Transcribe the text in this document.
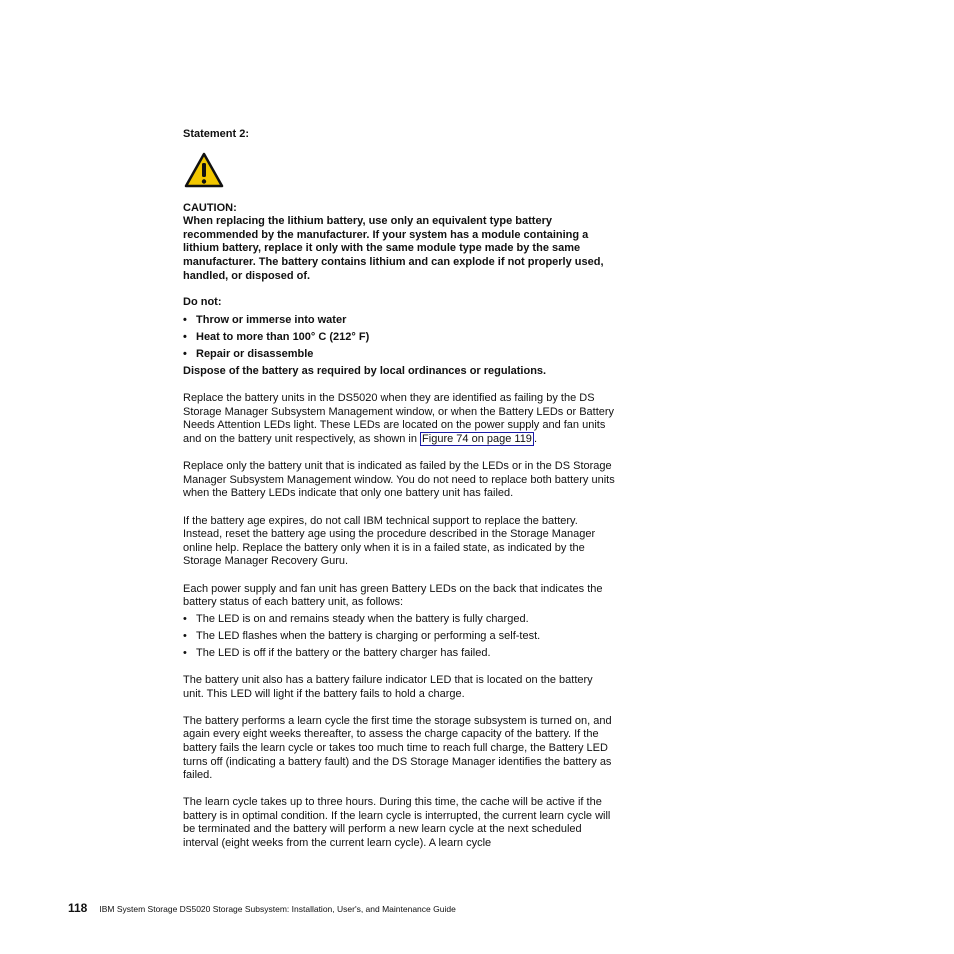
Statement 2:

CAUTION:

When replacing the lithium battery, use only an equivalent type battery recommended by the manufacturer. If your system has a module containing a lithium battery, replace it only with the same module type made by the same manufacturer. The battery contains lithium and can explode if not properly used, handled, or disposed of.

Do not:

• Throw or immerse into water
• Heat to more than 100° C (212° F)
• Repair or disassemble

Dispose of the battery as required by local ordinances or regulations.

Replace the battery units in the DS5020 when they are identified as failing by the DS Storage Manager Subsystem Management window, or when the Battery LEDs or Battery Needs Attention LEDs light. These LEDs are located on the power supply and fan units and on the battery unit respectively, as shown in Figure 74 on page 119 .

Replace only the battery unit that is indicated as failed by the LEDs or in the DS Storage Manager Subsystem Management window. You do not need to replace both battery units when the Battery LEDs indicate that only one battery unit has failed.

If the battery age expires, do not call IBM technical support to replace the battery. Instead, reset the battery age using the procedure described in the Storage Manager online help. Replace the battery only when it is in a failed state, as indicated by the Storage Manager Recovery Guru.

Each power supply and fan unit has green Battery LEDs on the back that indicates the battery status of each battery unit, as follows:

• The LED is on and remains steady when the battery is fully charged.
• The LED flashes when the battery is charging or performing a self-test.
• The LED is off if the battery or the battery charger has failed.

The battery unit also has a battery failure indicator LED that is located on the battery unit. This LED will light if the battery fails to hold a charge.

The battery performs a learn cycle the first time the storage subsystem is turned on, and again every eight weeks thereafter, to assess the charge capacity of the battery. If the battery fails the learn cycle or takes too much time to reach full charge, the Battery LED turns off (indicating a battery fault) and the DS Storage Manager identifies the battery as failed.

The learn cycle takes up to three hours. During this time, the cache will be active if the battery is in optimal condition. If the learn cycle is interrupted, the current learn cycle will be terminated and the battery will perform a new learn cycle at the next scheduled interval (eight weeks from the current learn cycle). A learn cycle

118 IBM System Storage DS5020 Storage Subsystem: Installation, User's, and Maintenance Guide
